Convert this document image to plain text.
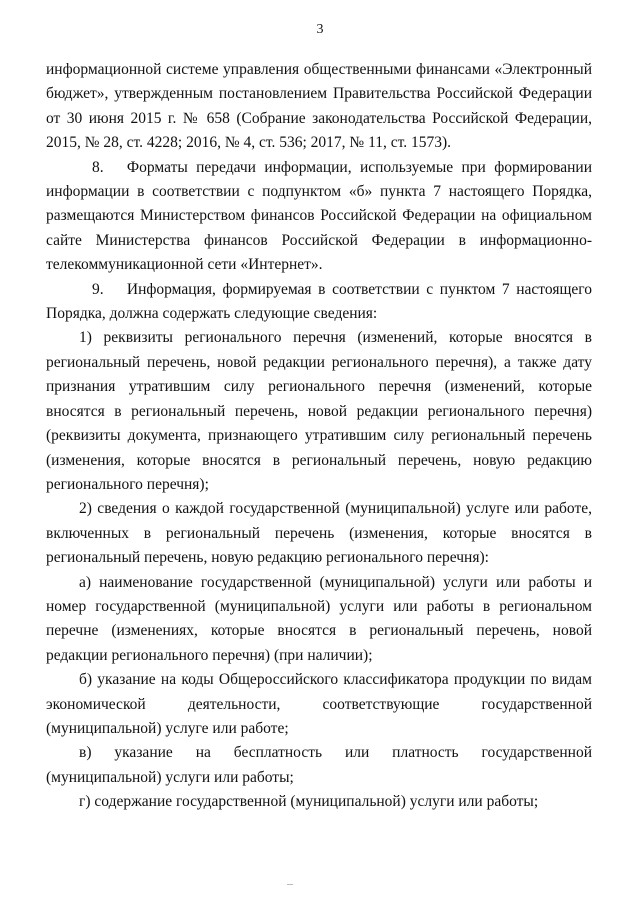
3

информационной системе управления общественными финансами «Электронный бюджет», утвержденным постановлением Правительства Российской Федерации от 30 июня 2015 г. № 658 (Собрание законодательства Российской Федерации, 2015, № 28, ст. 4228; 2016, № 4, ст. 536; 2017, № 11, ст. 1573).

8.  Форматы передачи информации, используемые при формировании информации в соответствии с подпунктом «б» пункта 7 настоящего Порядка, размещаются Министерством финансов Российской Федерации на официальном сайте Министерства финансов Российской Федерации в информационно-телекоммуникационной сети «Интернет».

9.  Информация, формируемая в соответствии с пунктом 7 настоящего Порядка, должна содержать следующие сведения:

1) реквизиты регионального перечня (изменений, которые вносятся в региональный перечень, новой редакции регионального перечня), а также дату признания утратившим силу регионального перечня (изменений, которые вносятся в региональный перечень, новой редакции регионального перечня) (реквизиты документа, признающего утратившим силу региональный перечень (изменения, которые вносятся в региональный перечень, новую редакцию регионального перечня);

2) сведения о каждой государственной (муниципальной) услуге или работе, включенных в региональный перечень (изменения, которые вносятся в региональный перечень, новую редакцию регионального перечня):

а) наименование государственной (муниципальной) услуги или работы и номер государственной (муниципальной) услуги или работы в региональном перечне (изменениях, которые вносятся в региональный перечень, новой редакции регионального перечня) (при наличии);

б) указание на коды Общероссийского классификатора продукции по видам экономической деятельности, соответствующие государственной (муниципальной) услуге или работе;

в) указание на бесплатность или платность государственной (муниципальной) услуги или работы;

г) содержание государственной (муниципальной) услуги или работы;
